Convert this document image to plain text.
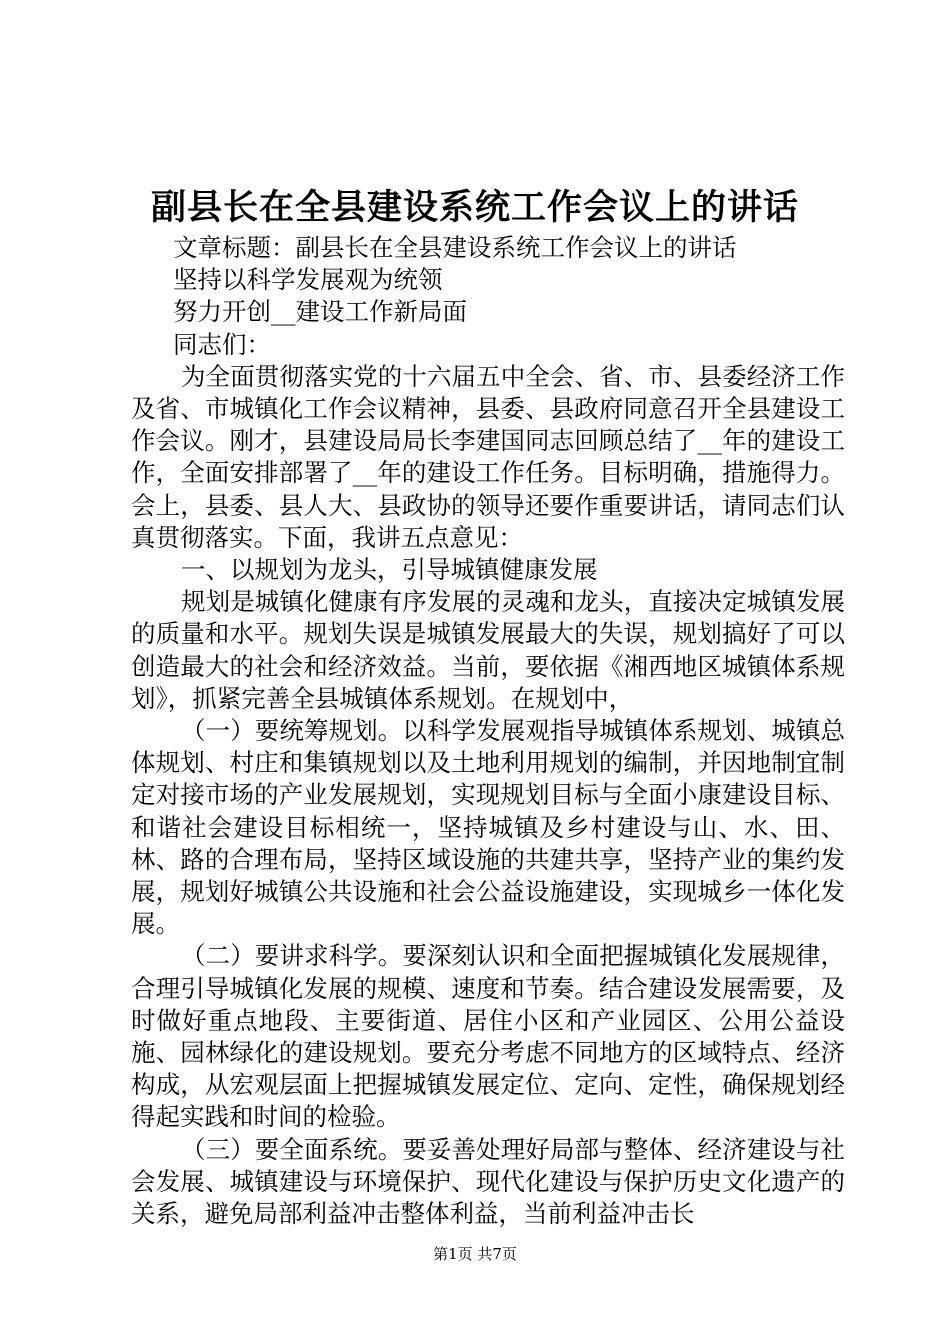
副县长在全县建设系统工作会议上的讲话

文章标题：副县长在全县建设系统工作会议上的讲话

坚持以科学发展观为统领

努力开创__建设工作新局面

同志们：

为全面贯彻落实党的十六届五中全会、省、市、县委经济工作及省、市城镇化工作会议精神，县委、县政府同意召开全县建设工作会议。刚才，县建设局局长李建国同志回顾总结了__年的建设工作，全面安排部署了__年的建设工作任务。目标明确，措施得力。会上，县委、县人大、县政协的领导还要作重要讲话，请同志们认真贯彻落实。下面，我讲五点意见：

一、以规划为龙头，引导城镇健康发展

规划是城镇化健康有序发展的灵魂和龙头，直接决定城镇发展的质量和水平。规划失误是城镇发展最大的失误，规划搞好了可以创造最大的社会和经济效益。当前，要依据《湘西地区城镇体系规划》，抓紧完善全县城镇体系规划。在规划中，

（一）要统筹规划。以科学发展观指导城镇体系规划、城镇总体规划、村庄和集镇规划以及土地利用规划的编制，并因地制宜制定对接市场的产业发展规划，实现规划目标与全面小康建设目标、和谐社会建设目标相统一，坚持城镇及乡村建设与山、水、田、林、路的合理布局，坚持区域设施的共建共享，坚持产业的集约发展，规划好城镇公共设施和社会公益设施建设，实现城乡一体化发展。

（二）要讲求科学。要深刻认识和全面把握城镇化发展规律，合理引导城镇化发展的规模、速度和节奏。结合建设发展需要，及时做好重点地段、主要街道、居住小区和产业园区、公用公益设施、园林绿化的建设规划。要充分考虑不同地方的区域特点、经济构成，从宏观层面上把握城镇发展定位、定向、定性，确保规划经得起实践和时间的检验。

（三）要全面系统。要妥善处理好局部与整体、经济建设与社会发展、城镇建设与环境保护、现代化建设与保护历史文化遗产的关系，避免局部利益冲击整体利益，当前利益冲击长

第1页 共7页
